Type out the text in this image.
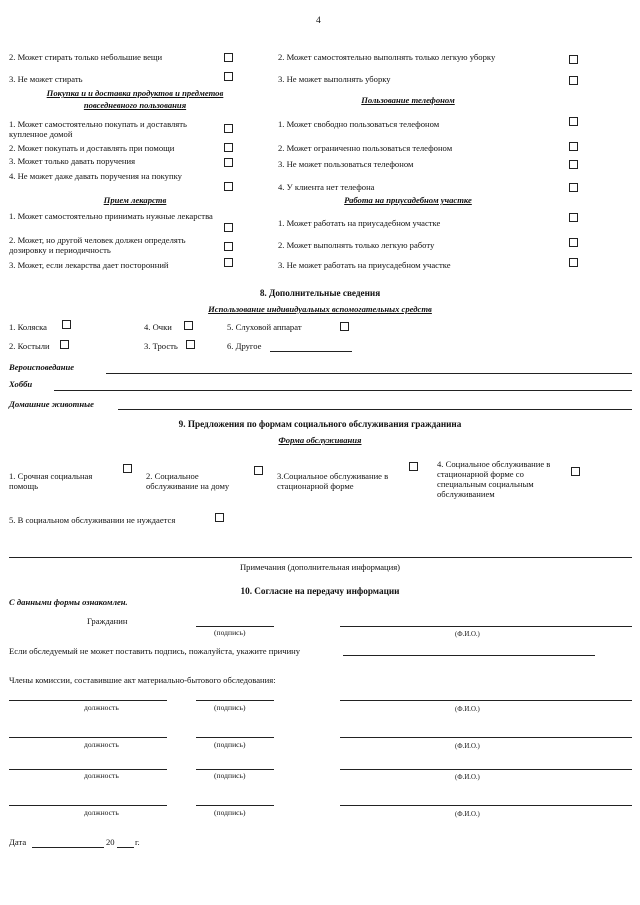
4
2. Может стирать только небольшие вещи
3. Не может стирать
2. Может самостоятельно выполнять только легкую уборку
3. Не может выполнять уборку
Покупка и и доставка продуктов и предметов
повседневного пользования
1. Может самостоятельно покупать и доставлять купленное домой
2. Может покупать и доставлять при помощи
3. Может только давать поручения
4. Не может даже давать поручения на покупку
Пользование телефоном
1. Может свободно пользоваться телефоном
2. Может ограниченно пользоваться телефоном
3. Не может пользоваться телефоном
4. У клиента нет телефона
Прием лекарств
1. Может самостоятельно принимать нужные лекарства
2. Может, но другой человек должен определять дозировку и периодичность
3. Может, если лекарства дает посторонний
Работа на приусадебном участке
1. Может работать на приусадебном участке
2. Может выполнять только легкую работу
3. Не может работать на приусадебном участке
8. Дополнительные сведения
Использование индивидуальных вспомогательных средств
1. Коляска	4. Очки	5. Слуховой аппарат
2. Костыли	3. Трость	6. Другое
Вероисповедание
Хобби
Домашние животные
9. Предложения по формам социального обслуживания гражданина
Форма обслуживания
1. Срочная социальная помощь
2. Социальное обслуживание на дому
3.Социальное обслуживание в стационарной форме
4. Социальное обслуживание в стационарной форме со специальным социальным обслуживанием
5. В социальном обслуживании не нуждается
Примечания (дополнительная информация)
10. Согласие на передачу информации
С данными формы ознакомлен.
Гражданин
(подпись)	(Ф.И.О.)
Если обследуемый не может поставить подпись, пожалуйста, укажите причину
Члены комиссии, составившие акт материально-бытового обследования:
должность	(подпись)	(Ф.И.О.)
должность	(подпись)	(Ф.И.О.)
должность	(подпись)	(Ф.И.О.)
должность	(подпись)	(Ф.И.О.)
Дата	20 г.
